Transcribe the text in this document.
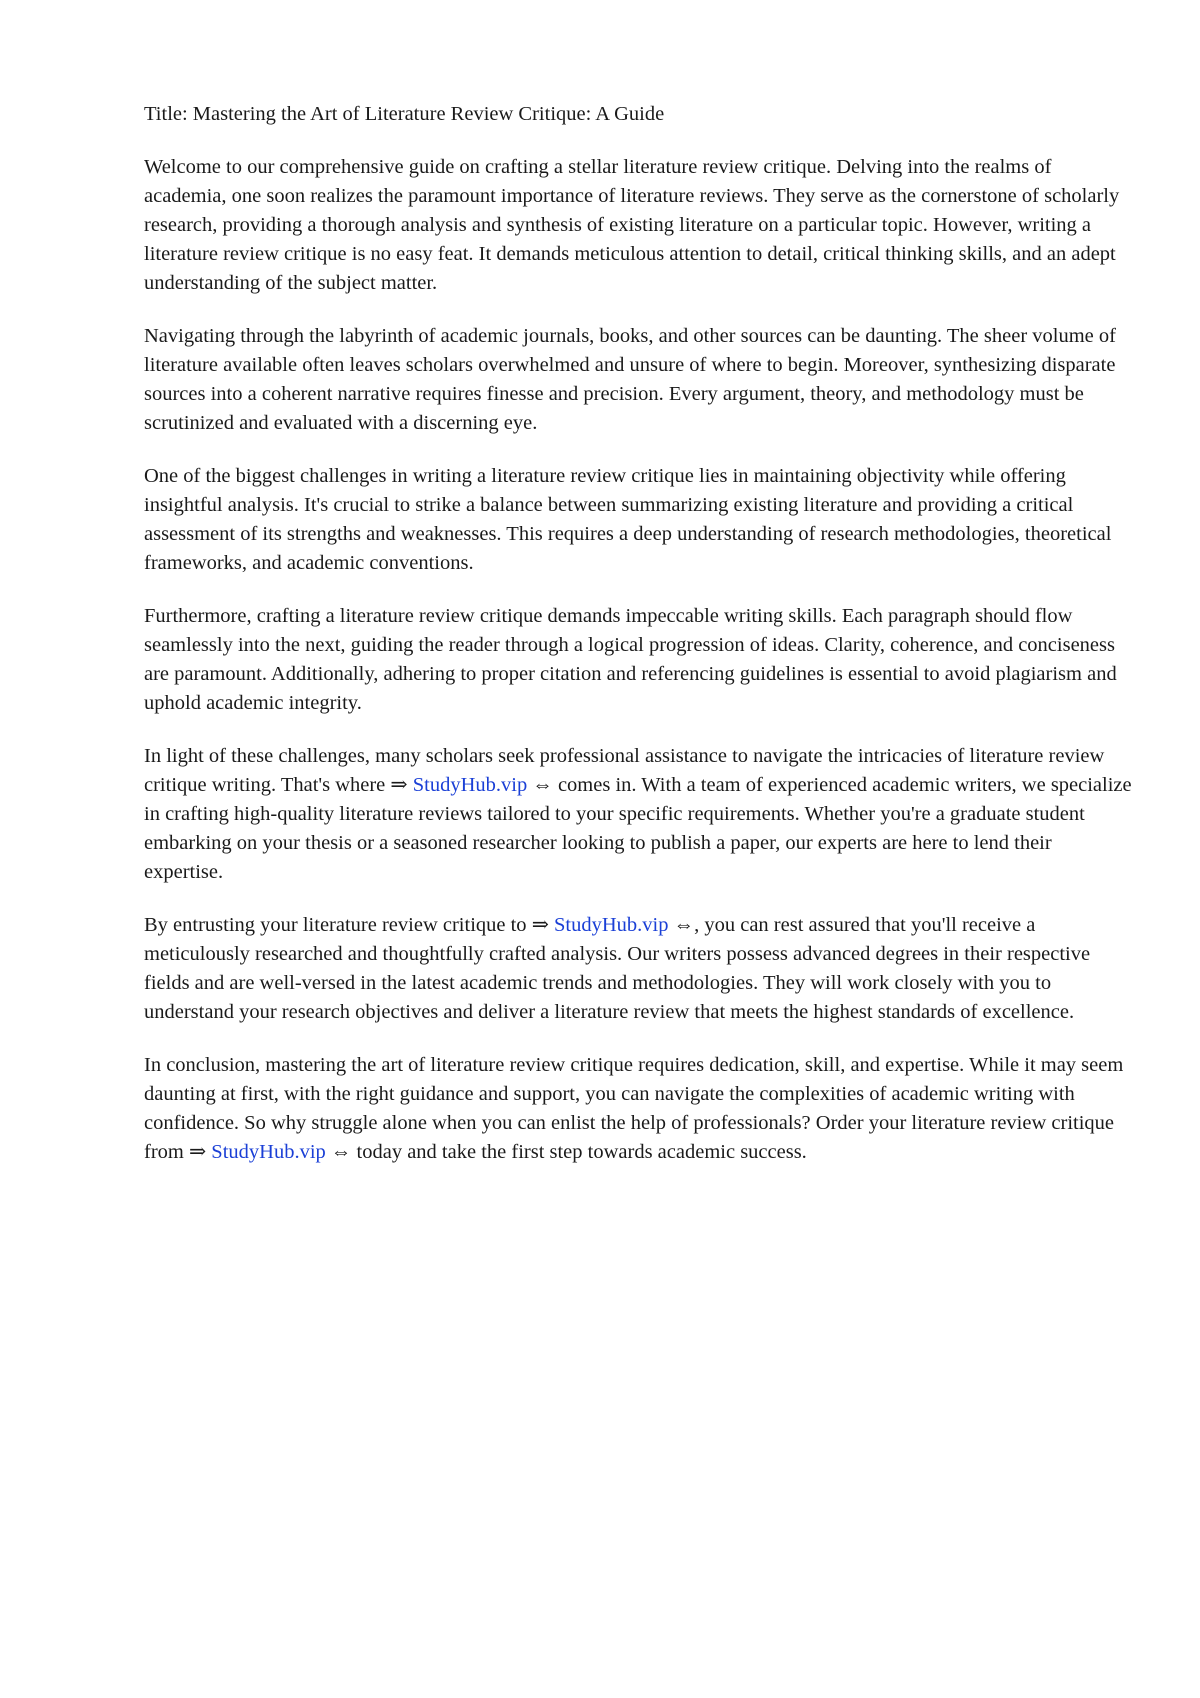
Title: Mastering the Art of Literature Review Critique: A Guide

Welcome to our comprehensive guide on crafting a stellar literature review critique. Delving into the realms of academia, one soon realizes the paramount importance of literature reviews. They serve as the cornerstone of scholarly research, providing a thorough analysis and synthesis of existing literature on a particular topic. However, writing a literature review critique is no easy feat. It demands meticulous attention to detail, critical thinking skills, and an adept understanding of the subject matter.

Navigating through the labyrinth of academic journals, books, and other sources can be daunting. The sheer volume of literature available often leaves scholars overwhelmed and unsure of where to begin. Moreover, synthesizing disparate sources into a coherent narrative requires finesse and precision. Every argument, theory, and methodology must be scrutinized and evaluated with a discerning eye.

One of the biggest challenges in writing a literature review critique lies in maintaining objectivity while offering insightful analysis. It's crucial to strike a balance between summarizing existing literature and providing a critical assessment of its strengths and weaknesses. This requires a deep understanding of research methodologies, theoretical frameworks, and academic conventions.

Furthermore, crafting a literature review critique demands impeccable writing skills. Each paragraph should flow seamlessly into the next, guiding the reader through a logical progression of ideas. Clarity, coherence, and conciseness are paramount. Additionally, adhering to proper citation and referencing guidelines is essential to avoid plagiarism and uphold academic integrity.

In light of these challenges, many scholars seek professional assistance to navigate the intricacies of literature review critique writing. That's where ⇒ StudyHub.vip ⇔ comes in. With a team of experienced academic writers, we specialize in crafting high-quality literature reviews tailored to your specific requirements. Whether you're a graduate student embarking on your thesis or a seasoned researcher looking to publish a paper, our experts are here to lend their expertise.

By entrusting your literature review critique to ⇒ StudyHub.vip ⇔, you can rest assured that you'll receive a meticulously researched and thoughtfully crafted analysis. Our writers possess advanced degrees in their respective fields and are well-versed in the latest academic trends and methodologies. They will work closely with you to understand your research objectives and deliver a literature review that meets the highest standards of excellence.

In conclusion, mastering the art of literature review critique requires dedication, skill, and expertise. While it may seem daunting at first, with the right guidance and support, you can navigate the complexities of academic writing with confidence. So why struggle alone when you can enlist the help of professionals? Order your literature review critique from ⇒ StudyHub.vip ⇔ today and take the first step towards academic success.
